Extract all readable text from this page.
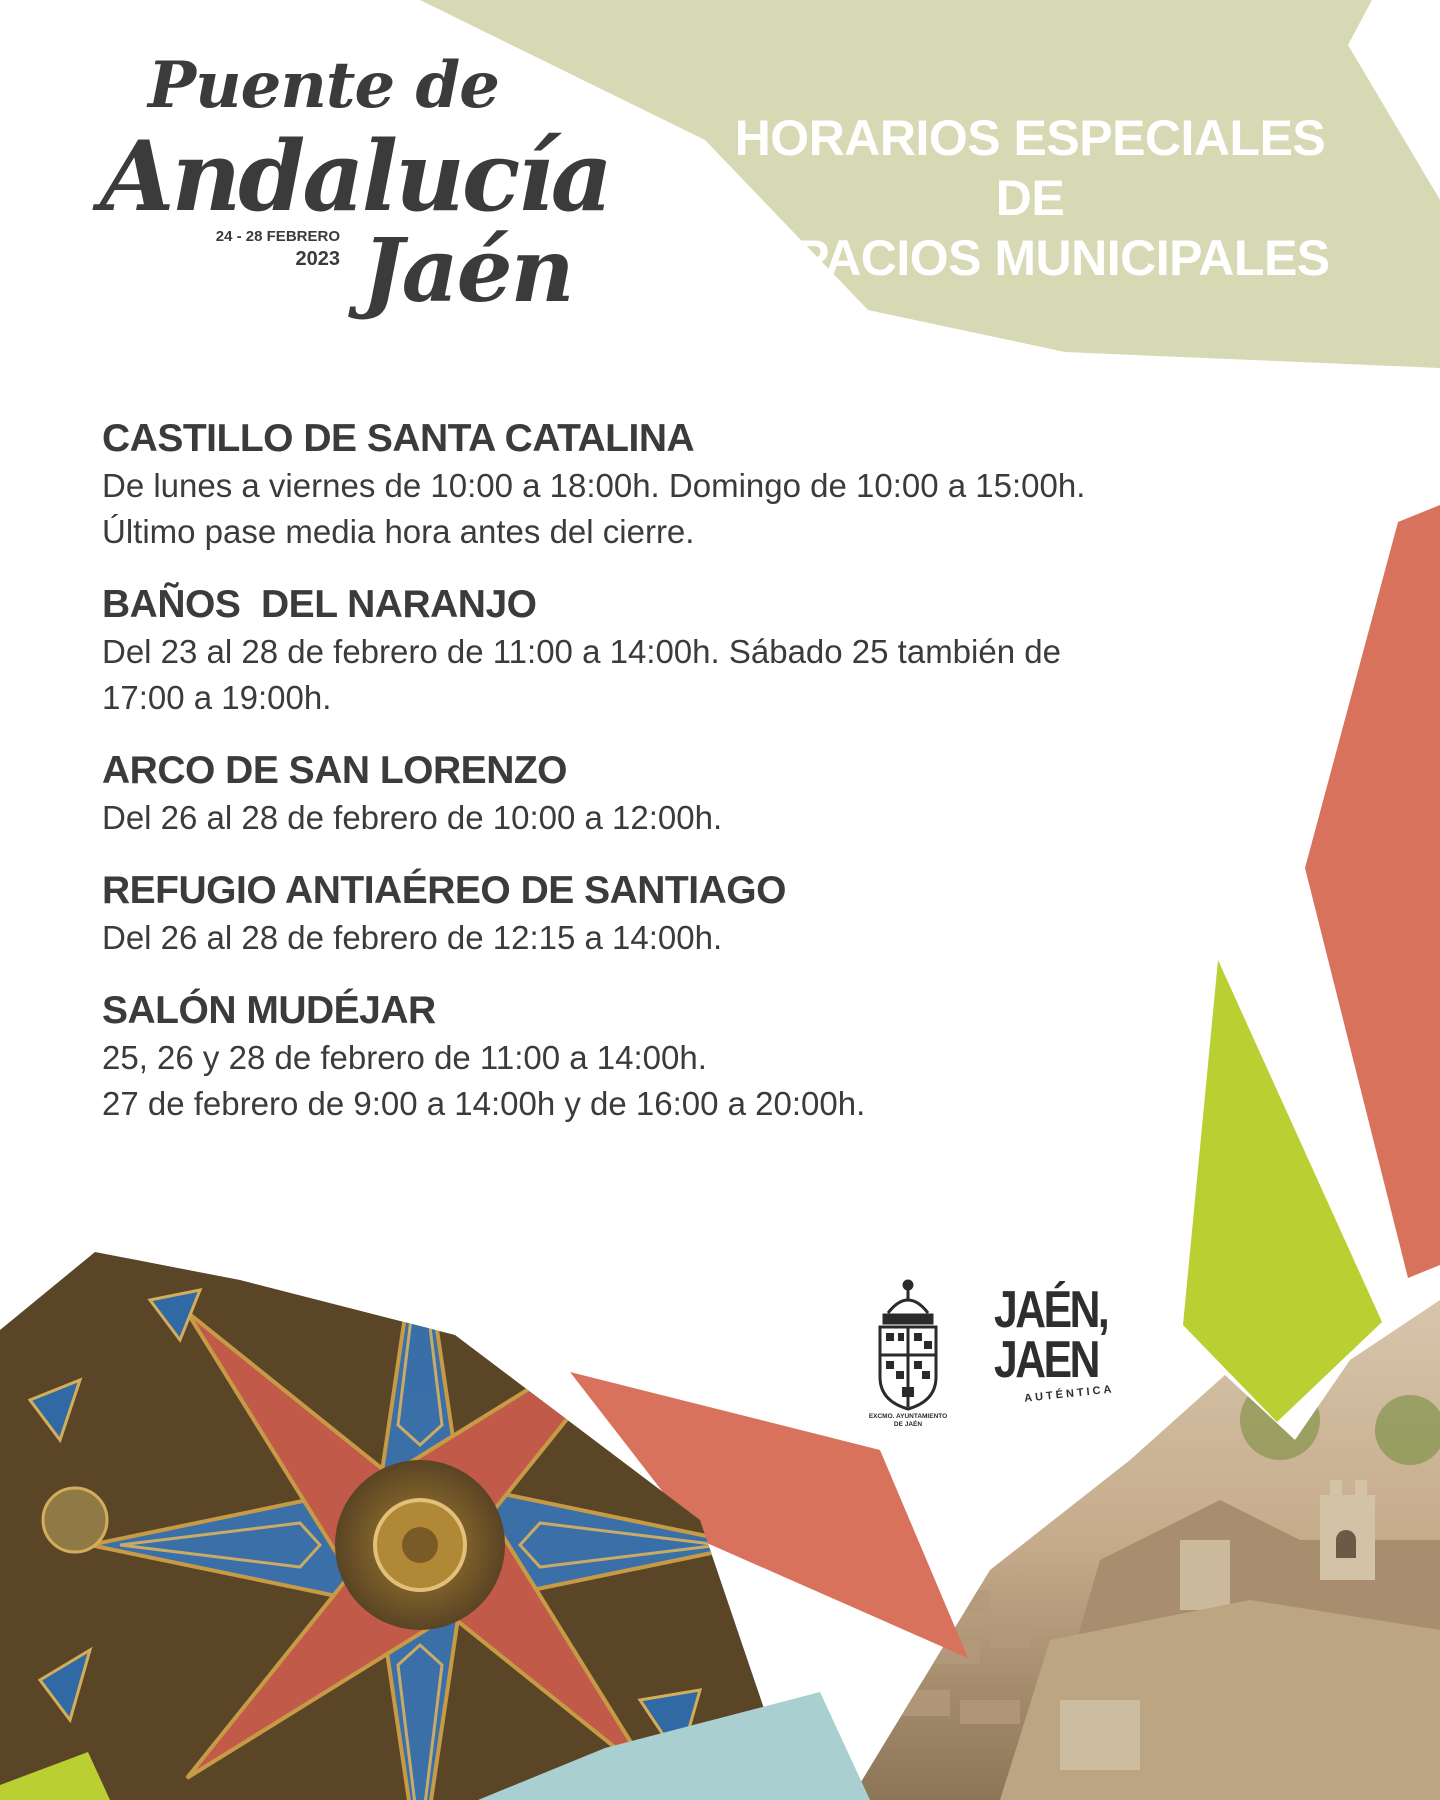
Puente de
Andalucía
24 - 28 FEBRERO
2023 Jaén
HORARIOS ESPECIALES DE
ESPACIOS MUNICIPALES
CASTILLO DE SANTA CATALINA
De lunes a viernes de 10:00 a 18:00h. Domingo de 10:00 a 15:00h.
Último pase media hora antes del cierre.
BAÑOS  DEL NARANJO
Del 23 al 28 de febrero de 11:00 a 14:00h. Sábado 25 también de
17:00 a 19:00h.
ARCO DE SAN LORENZO
Del 26 al 28 de febrero de 10:00 a 12:00h.
REFUGIO ANTIAÉREO DE SANTIAGO
Del 26 al 28 de febrero de 12:15 a 14:00h.
SALÓN MUDÉJAR
25, 26 y 28 de febrero de 11:00 a 14:00h.
27 de febrero de 9:00 a 14:00h y de 16:00 a 20:00h.
EXCMO. AYUNTAMIENTO
DE JAÉN
JAÉN,
JAEN
AUTÉNTICA
